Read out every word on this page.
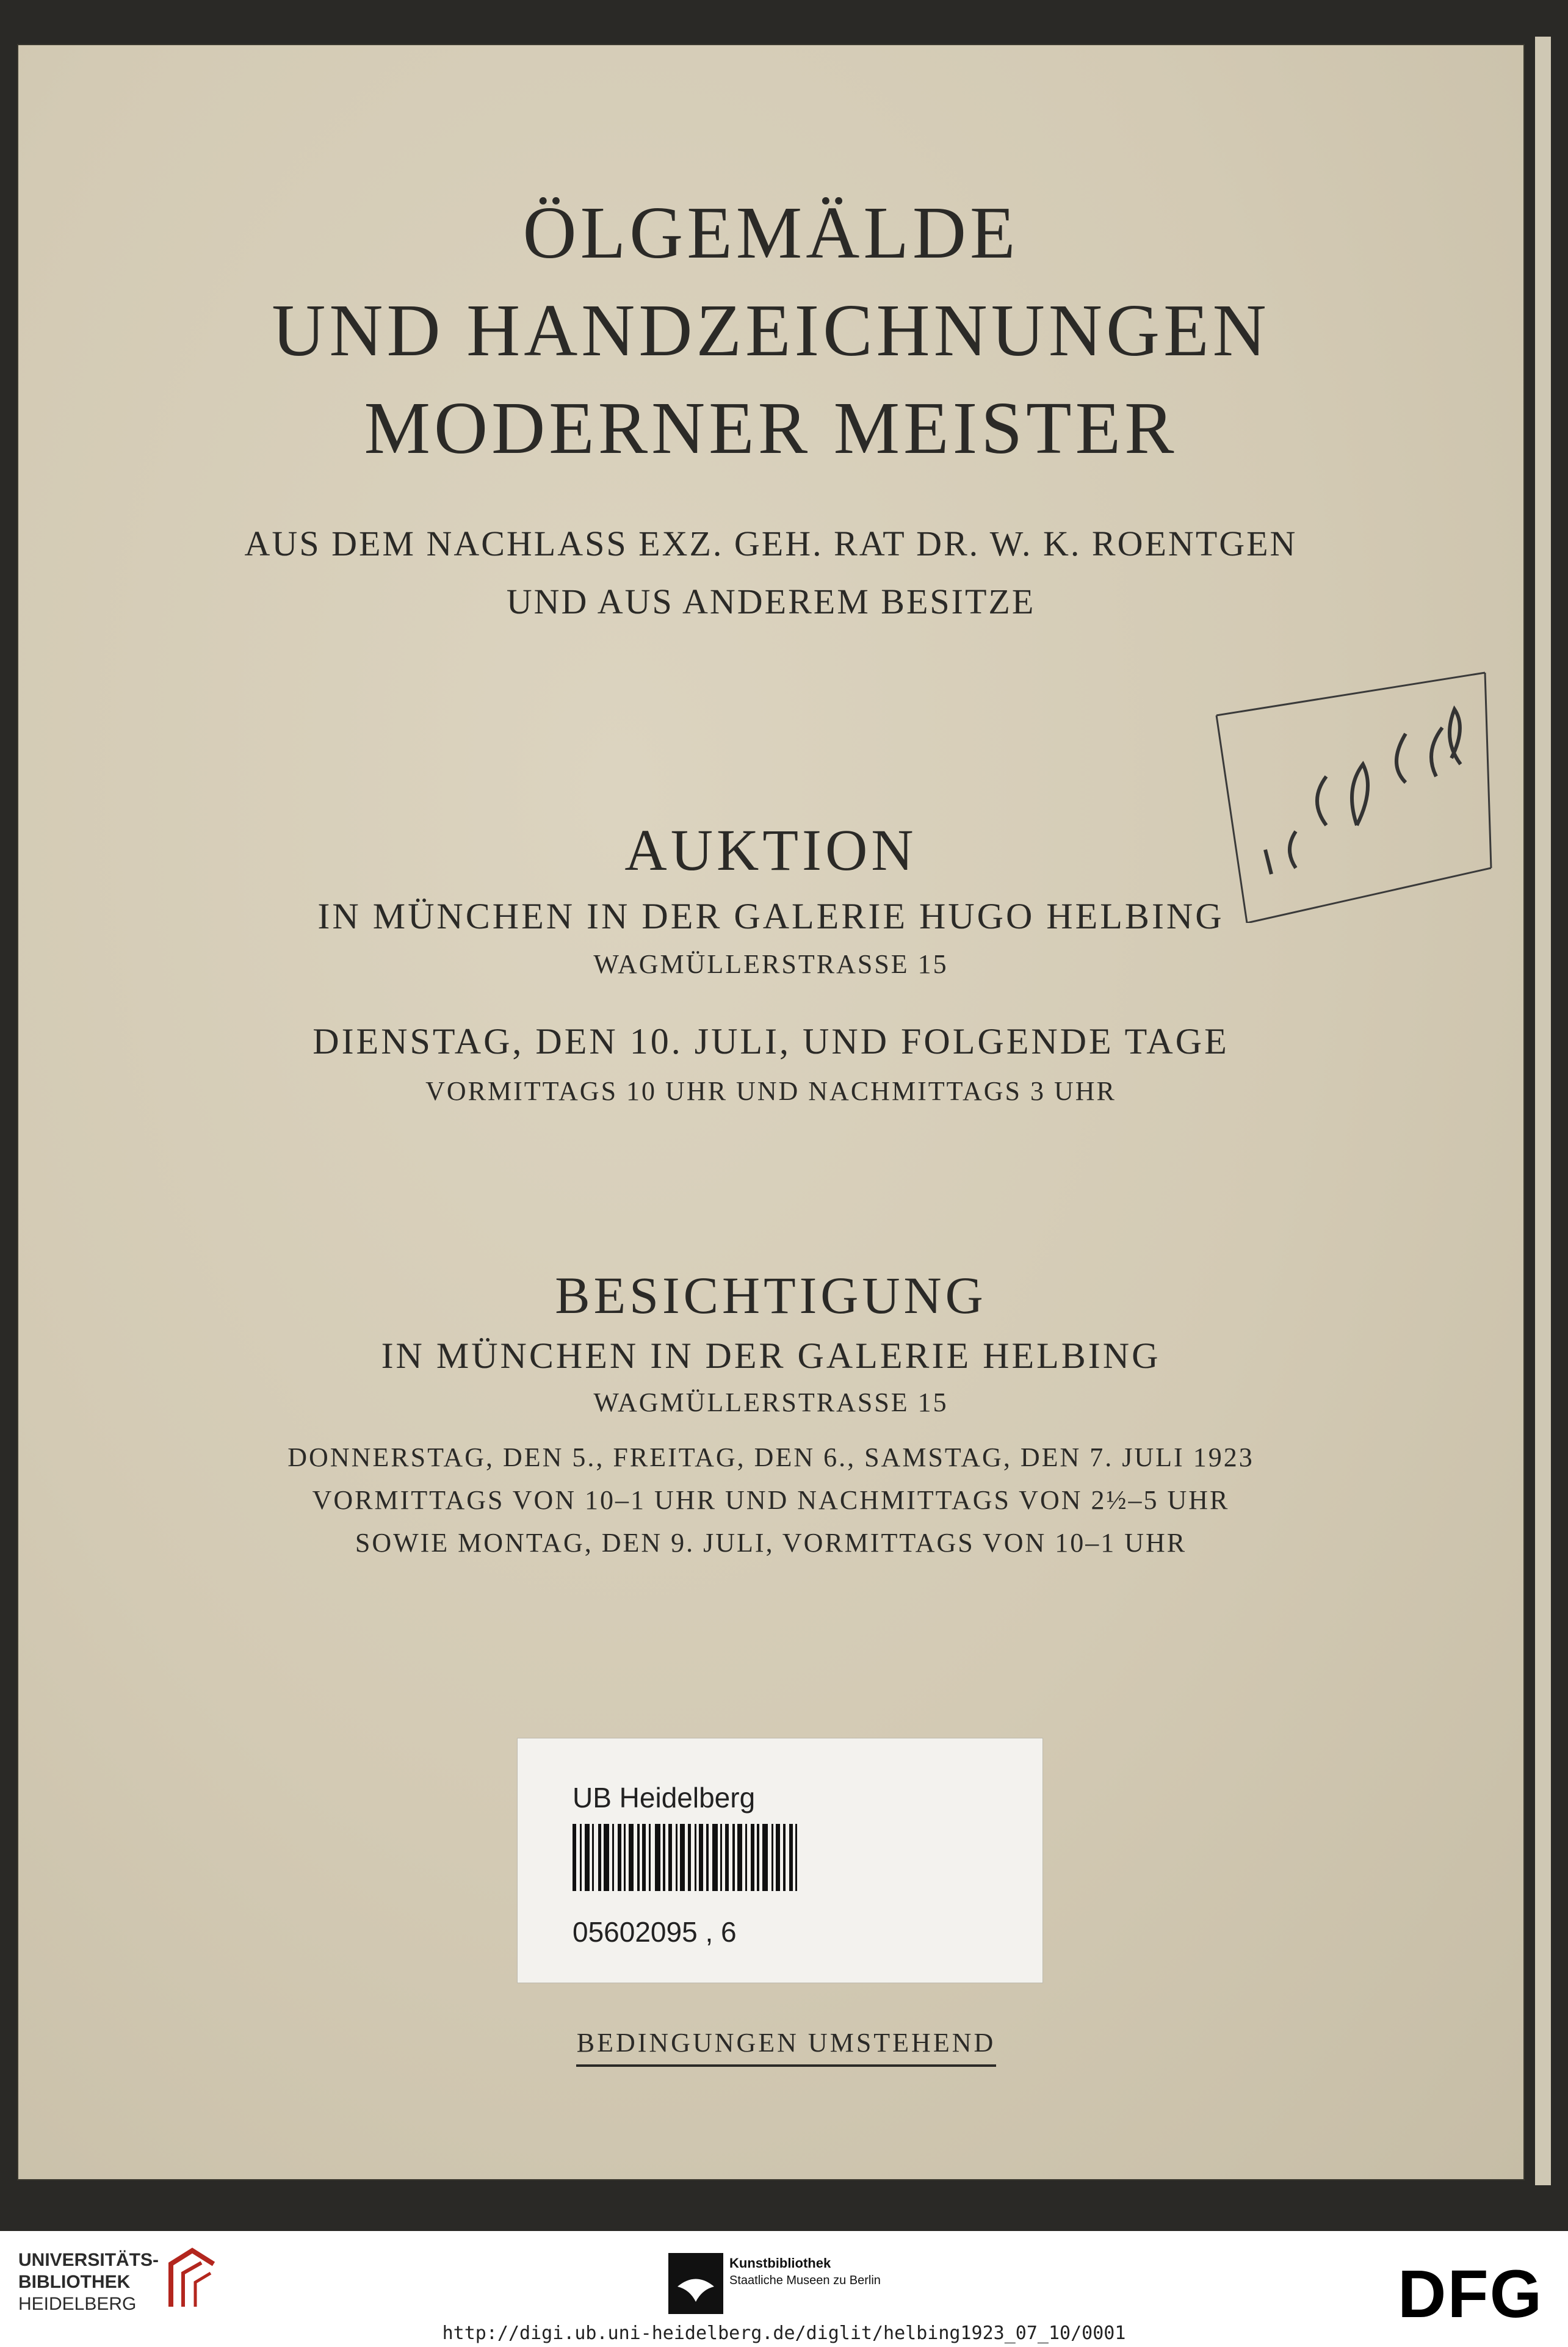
ÖLGEMÄLDE
UND HANDZEICHNUNGEN
MODERNER MEISTER
AUS DEM NACHLASS EXZ. GEH. RAT DR. W. K. ROENTGEN
UND AUS ANDEREM BESITZE
AUKTION
IN MÜNCHEN IN DER GALERIE HUGO HELBING
WAGMÜLLERSTRASSE 15
DIENSTAG, DEN 10. JULI, UND FOLGENDE TAGE
VORMITTAGS 10 UHR UND NACHMITTAGS 3 UHR
BESICHTIGUNG
IN MÜNCHEN IN DER GALERIE HELBING
WAGMÜLLERSTRASSE 15
DONNERSTAG, DEN 5., FREITAG, DEN 6., SAMSTAG, DEN 7. JULI 1923
VORMITTAGS VON 10–1 UHR UND NACHMITTAGS VON 2½–5 UHR
SOWIE MONTAG, DEN 9. JULI, VORMITTAGS VON 10–1 UHR
UB Heidelberg
05602095 , 6
BEDINGUNGEN UMSTEHEND
UNIVERSITÄTS-
BIBLIOTHEK
HEIDELBERG
Kunstbibliothek
Staatliche Museen zu Berlin	DFG
http://digi.ub.uni-heidelberg.de/diglit/helbing1923_07_10/0001
